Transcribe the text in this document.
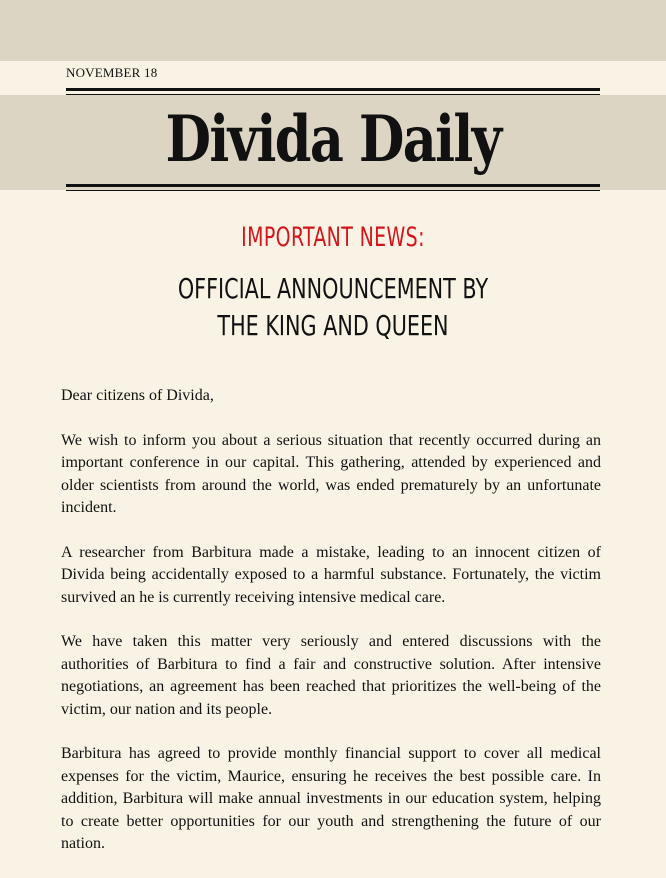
NOVEMBER 18
Divida Daily
IMPORTANT NEWS:
OFFICIAL ANNOUNCEMENT BY
THE KING AND QUEEN

Dear citizens of Divida,

We wish to inform you about a serious situation that recently occurred during an important conference in our capital. This gathering, attended by experienced and older scientists from around the world, was ended prematurely by an unfortunate incident.

A researcher from Barbitura made a mistake, leading to an innocent citizen of Divida being accidentally exposed to a harmful substance. Fortunately, the victim survived an he is currently receiving intensive medical care.

We have taken this matter very seriously and entered discussions with the authorities of Barbitura to find a fair and constructive solution. After intensive negotiations, an agreement has been reached that prioritizes the well-being of the victim, our nation and its people.

Barbitura has agreed to provide monthly financial support to cover all medical expenses for the victim, Maurice, ensuring he receives the best possible care. In addition, Barbitura will make annual investments in our education system, helping to create better opportunities for our youth and strengthening the future of our nation.
